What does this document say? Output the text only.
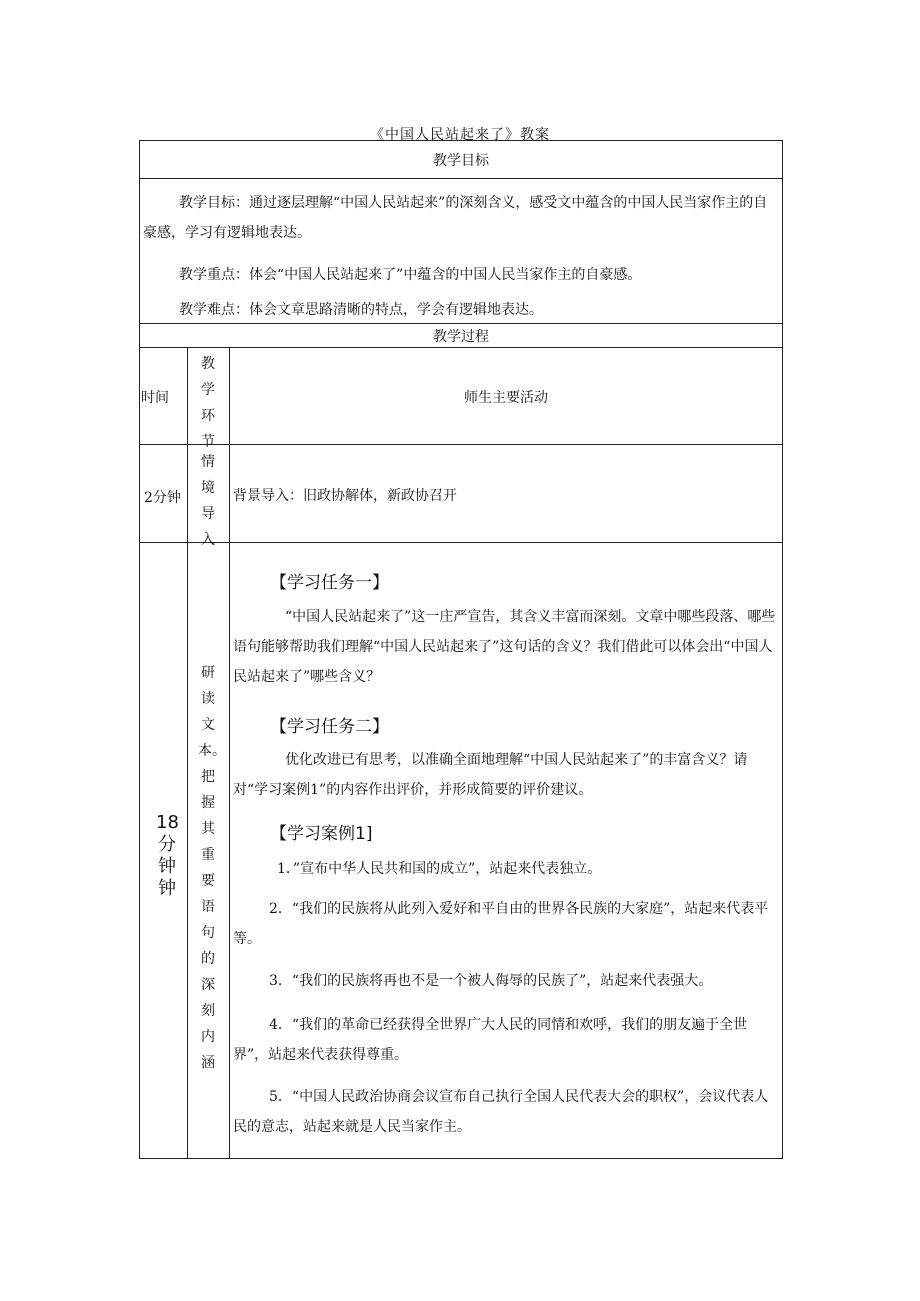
《中国人民站起来了》教案
教学目标

教学目标：通过逐层理解“中国人民站起来”的深刻含义，感受文中蕴含的中国人民当家作主的自豪感，学习有逻辑地表达。

教学重点：体会“中国人民站起来了”中蕴含的中国人民当家作主的自豪感。

教学难点：体会文章思路清晰的特点，学会有逻辑地表达。

教学过程
时间
教学环节
师生主要活动
2分钟
情境导入
背景导入：旧政协解体，新政协召开
18分钟钟
研读文本。把握其重要语句的深刻内涵
【学习任务一】

“中国人民站起来了”这一庄严宣告，其含义丰富而深刻。文章中哪些段落、哪些语句能够帮助我们理解“中国人民站起来了”这句话的含义？我们借此可以体会出“中国人民站起来了”哪些含义？

【学习任务二】

优化改进已有思考，以准确全面地理解“中国人民站起来了”的丰富含义？请对“学习案例1”的内容作出评价，并形成简要的评价建议。

【学习案例1]

1．”宣布中华人民共和国的成立”，站起来代表独立。

2．“我们的民族将从此列入爱好和平自由的世界各民族的大家庭”，站起来代表平等。

3．“我们的民族将再也不是一个被人侮辱的民族了”，站起来代表强大。

4．“我们的革命已经获得全世界广大人民的同情和欢呼，我们的朋友遍于全世界”，站起来代表获得尊重。

5．“中国人民政治协商会议宣布自己执行全国人民代表大会的职权”，会议代表人民的意志，站起来就是人民当家作主。
